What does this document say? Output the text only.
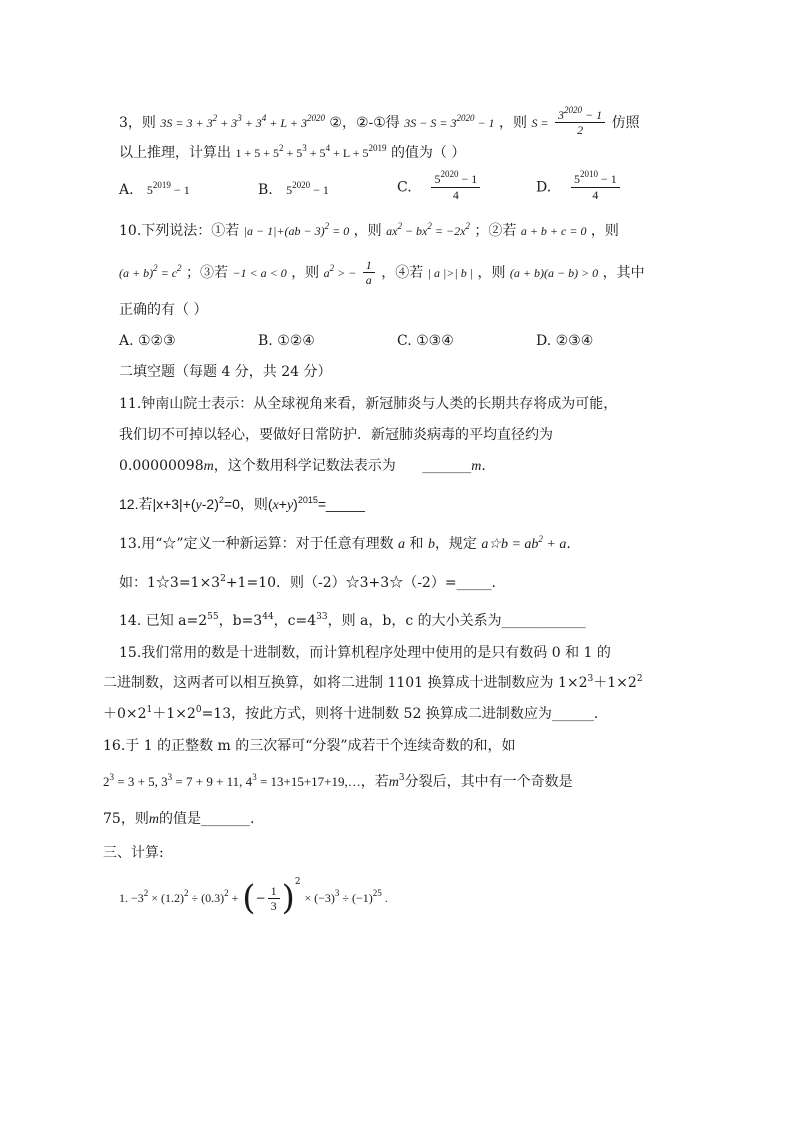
3，则 $3S = 3 + 3^2 + 3^3 + 3^4 + L + 3^{2020}$ ②，②-①得 $3S - S = 3^{2020} - 1$ ，则 $S = \frac{3^{2020} - 1}{2}$ 仿照
以上推理，计算出 $1 + 5 + 5^2 + 5^3 + 5^4 + L + 5^{2019}$ 的值为（ ）
A. $5^{2019} - 1$	B. $5^{2020} - 1$	C. $\frac{5^{2020} - 1}{4}$	D. $\frac{5^{2010} - 1}{4}$
10.下列说法：①若 |a − 1|+(ab − 3)$^2$ = 0 ，则 $ax^2 - bx^2 = -2x^2$ ；②若 a + b + c = 0 ，则
$(a + b)^2 = c^2$ ；③若 −1 < a < 0 ，则 $a^2$ > − $\frac{1}{a}$ ，④若 | a |>| b | ，则 (a + b)(a − b) > 0 ，其中
正确的有（ ）
A. ①②③	B. ①②④	C. ①③④	D. ②③④
二填空题（每题 4 分，共 24 分）
11.钟南山院士表示：从全球视角来看，新冠肺炎与人类的长期共存将成为可能，
我们切不可掉以轻心，要做好日常防护．新冠肺炎病毒的平均直径约为
0.00000098m，这个数用科学记数法表示为 _______m.
12.若$|x+3|+(y-2)^2=0$，则$(x+y)^{2015}=\_\_\_\_\_$
13.用“☆”定义一种新运算：对于任意有理数 a 和 b，规定 a☆b = $ab^2 + a$.
如：$1☆3=1\times 3^2+1=10$．则（-2）☆3+3☆（-2）=_____.
14. 已知 $a=2^{55}$，$b=3^{44}$，$c=4^{33}$，则 a，b，c 的大小关系为____________
15.我们常用的数是十进制数，而计算机程序处理中使用的是只有数码 0 和 1 的
二进制数，这两者可以相互换算，如将二进制 1101 换算成十进制数应为 $1\times 2^3+1\times 2^2$
$+0\times 2^1+1\times 2^0=13$，按此方式，则将十进制数 52 换算成二进制数应为______.
16.于 1 的正整数 m 的三次幂可“分裂”成若干个连续奇数的和，如
$2^3 = 3 + 5$, $3^3 = 7 + 9 + 11$, $4^3$ = 13+15+17+19,…，若$m^3$分裂后，其中有一个奇数是
75，则m的值是_______.
三、计算:
1. $-3^2 \times (1.2)^2 \div (0.3)^2$ + (− $\frac{1}{3} )^2 \times (-3)^3 \div (-1)^{25}$ .
